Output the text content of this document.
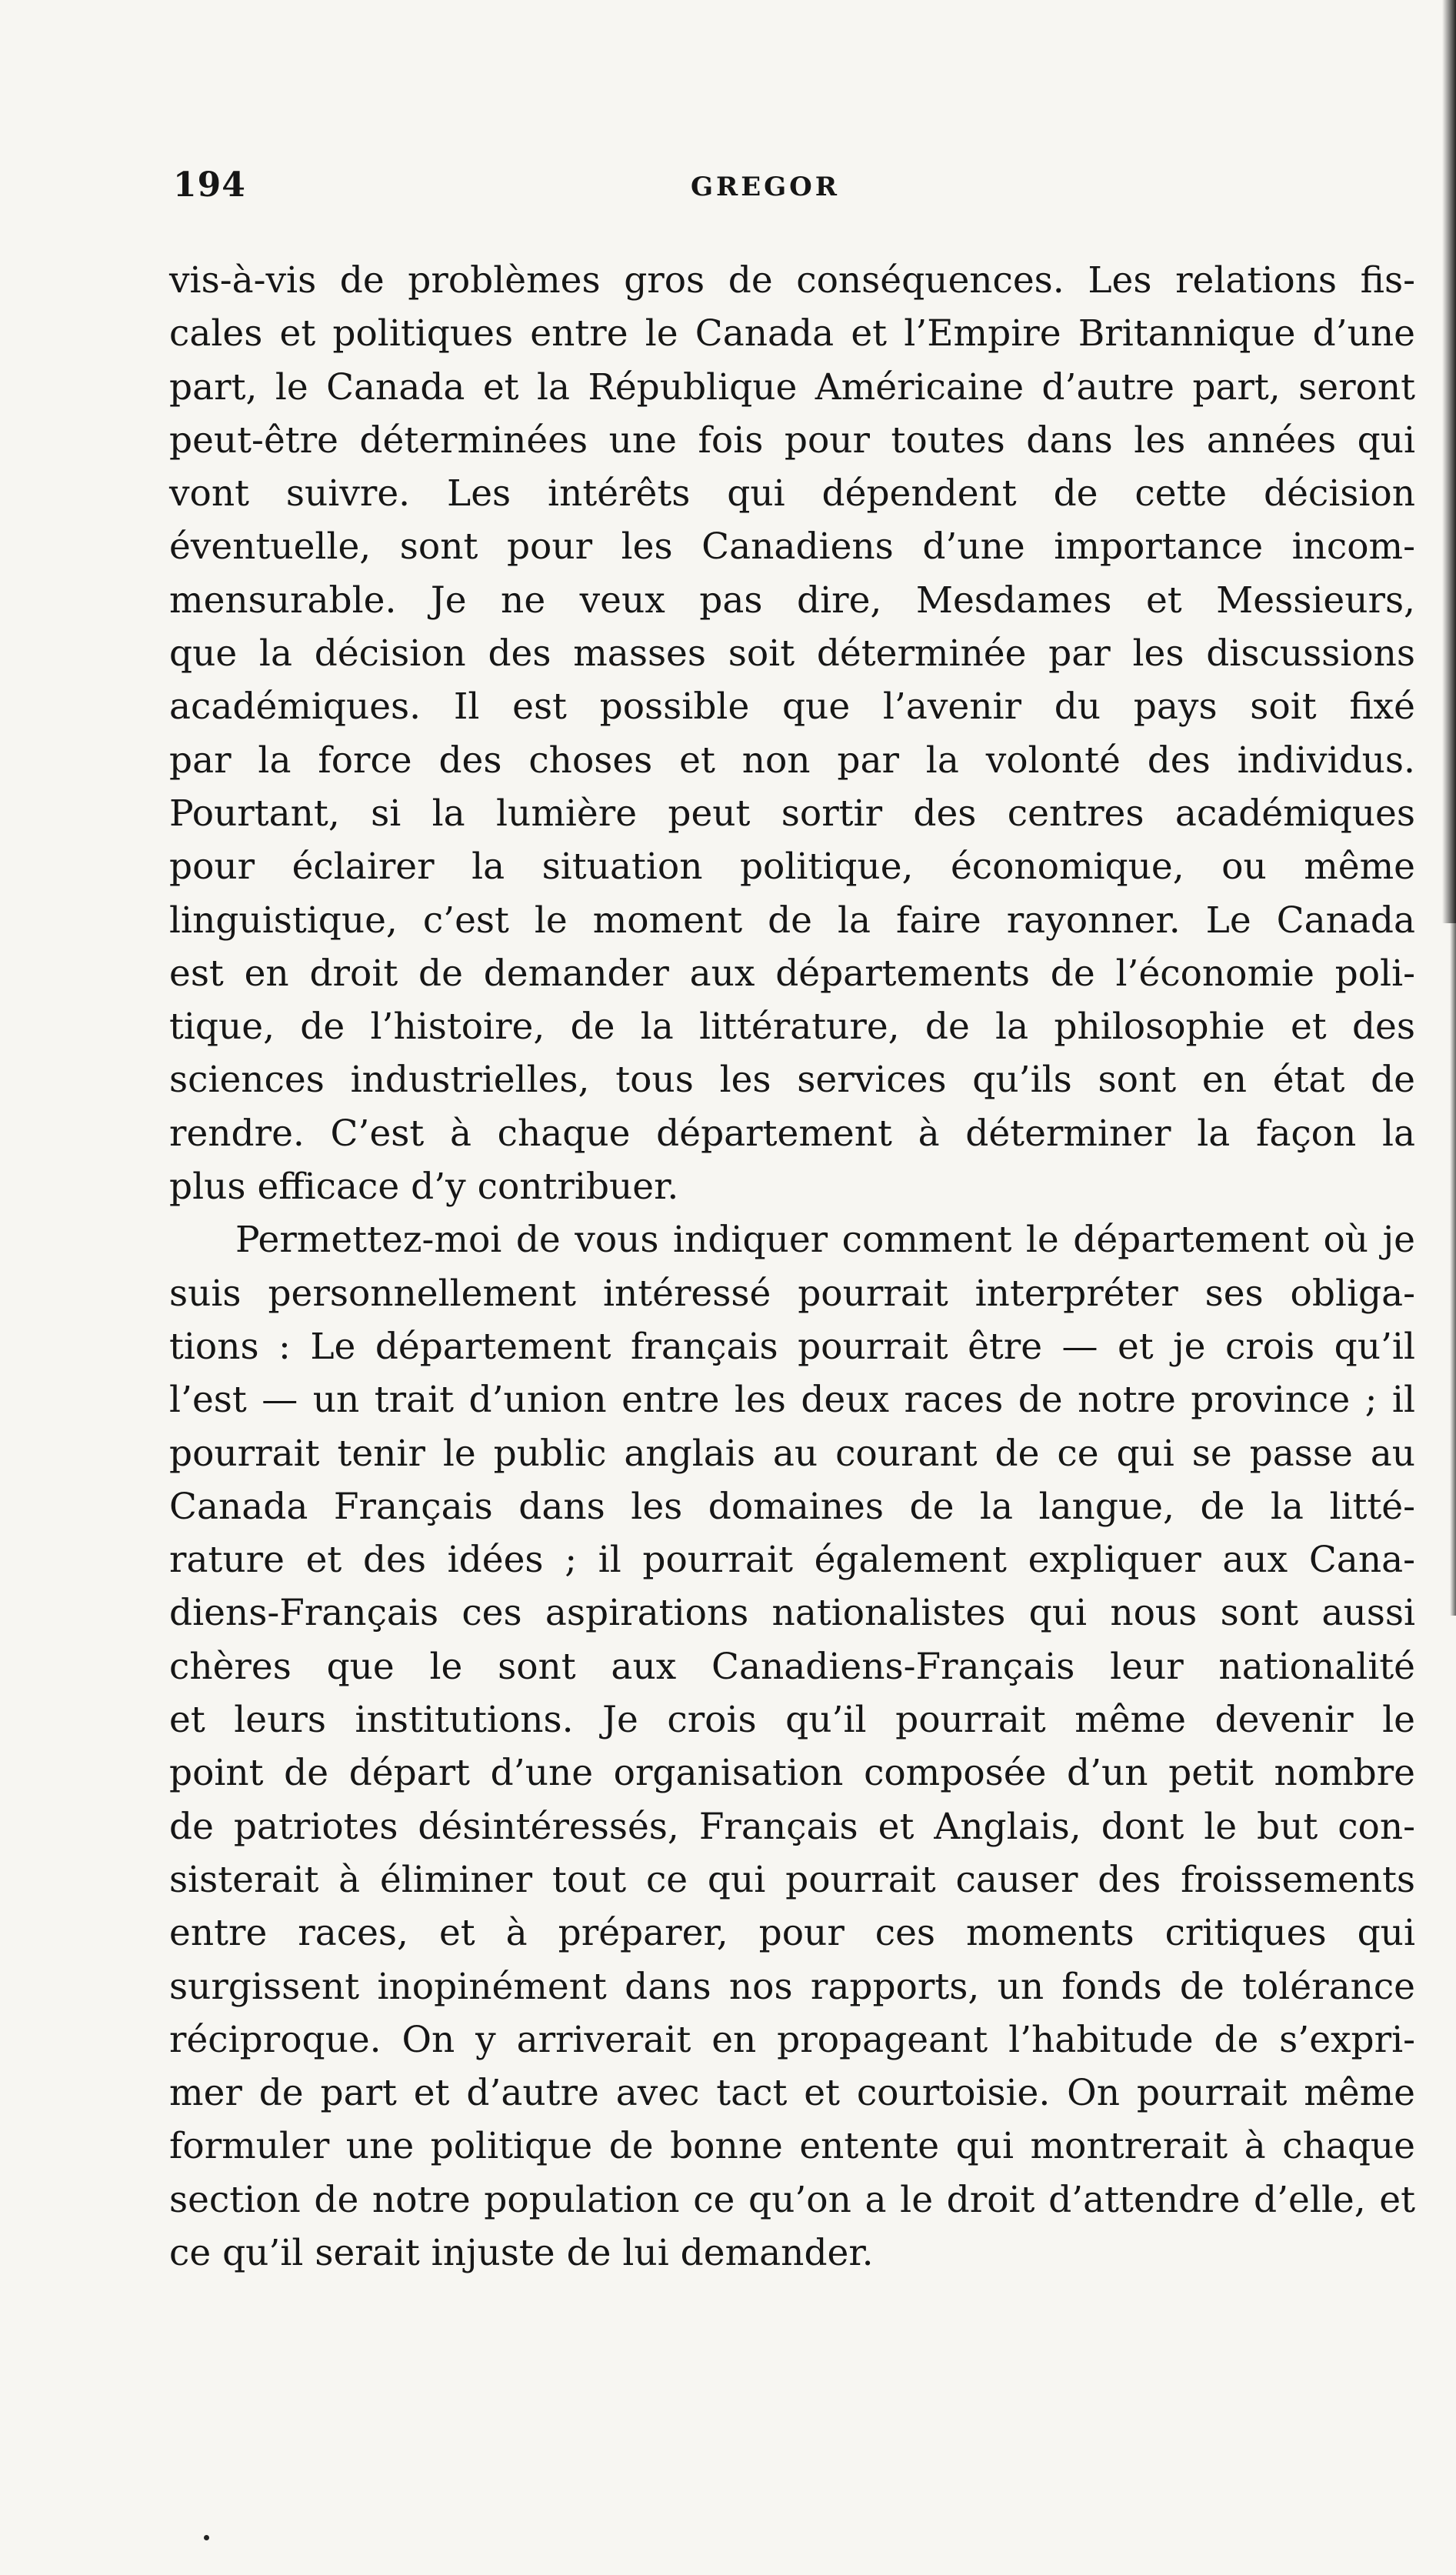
194	GREGOR
vis-à-vis de problèmes gros de conséquences. Les relations fis-
cales et politiques entre le Canada et l’Empire Britannique d’une
part, le Canada et la République Américaine d’autre part, seront
peut-être déterminées une fois pour toutes dans les années qui
vont suivre. Les intérêts qui dépendent de cette décision
éventuelle, sont pour les Canadiens d’une importance incom-
mensurable. Je ne veux pas dire, Mesdames et Messieurs,
que la décision des masses soit déterminée par les discussions
académiques. Il est possible que l’avenir du pays soit fixé
par la force des choses et non par la volonté des individus.
Pourtant, si la lumière peut sortir des centres académiques
pour éclairer la situation politique, économique, ou même
linguistique, c’est le moment de la faire rayonner. Le Canada
est en droit de demander aux départements de l’économie poli-
tique, de l’histoire, de la littérature, de la philosophie et des
sciences industrielles, tous les services qu’ils sont en état de
rendre. C’est à chaque département à déterminer la façon la
plus efficace d’y contribuer.
Permettez-moi de vous indiquer comment le département où je
suis personnellement intéressé pourrait interpréter ses obliga-
tions : Le département français pourrait être — et je crois qu’il
l’est — un trait d’union entre les deux races de notre province ; il
pourrait tenir le public anglais au courant de ce qui se passe au
Canada Français dans les domaines de la langue, de la litté-
rature et des idées ; il pourrait également expliquer aux Cana-
diens-Français ces aspirations nationalistes qui nous sont aussi
chères que le sont aux Canadiens-Français leur nationalité
et leurs institutions. Je crois qu’il pourrait même devenir le
point de départ d’une organisation composée d’un petit nombre
de patriotes désintéressés, Français et Anglais, dont le but con-
sisterait à éliminer tout ce qui pourrait causer des froissements
entre races, et à préparer, pour ces moments critiques qui
surgissent inopinément dans nos rapports, un fonds de tolérance
réciproque. On y arriverait en propageant l’habitude de s’expri-
mer de part et d’autre avec tact et courtoisie. On pourrait même
formuler une politique de bonne entente qui montrerait à chaque
section de notre population ce qu’on a le droit d’attendre d’elle, et
ce qu’il serait injuste de lui demander.
